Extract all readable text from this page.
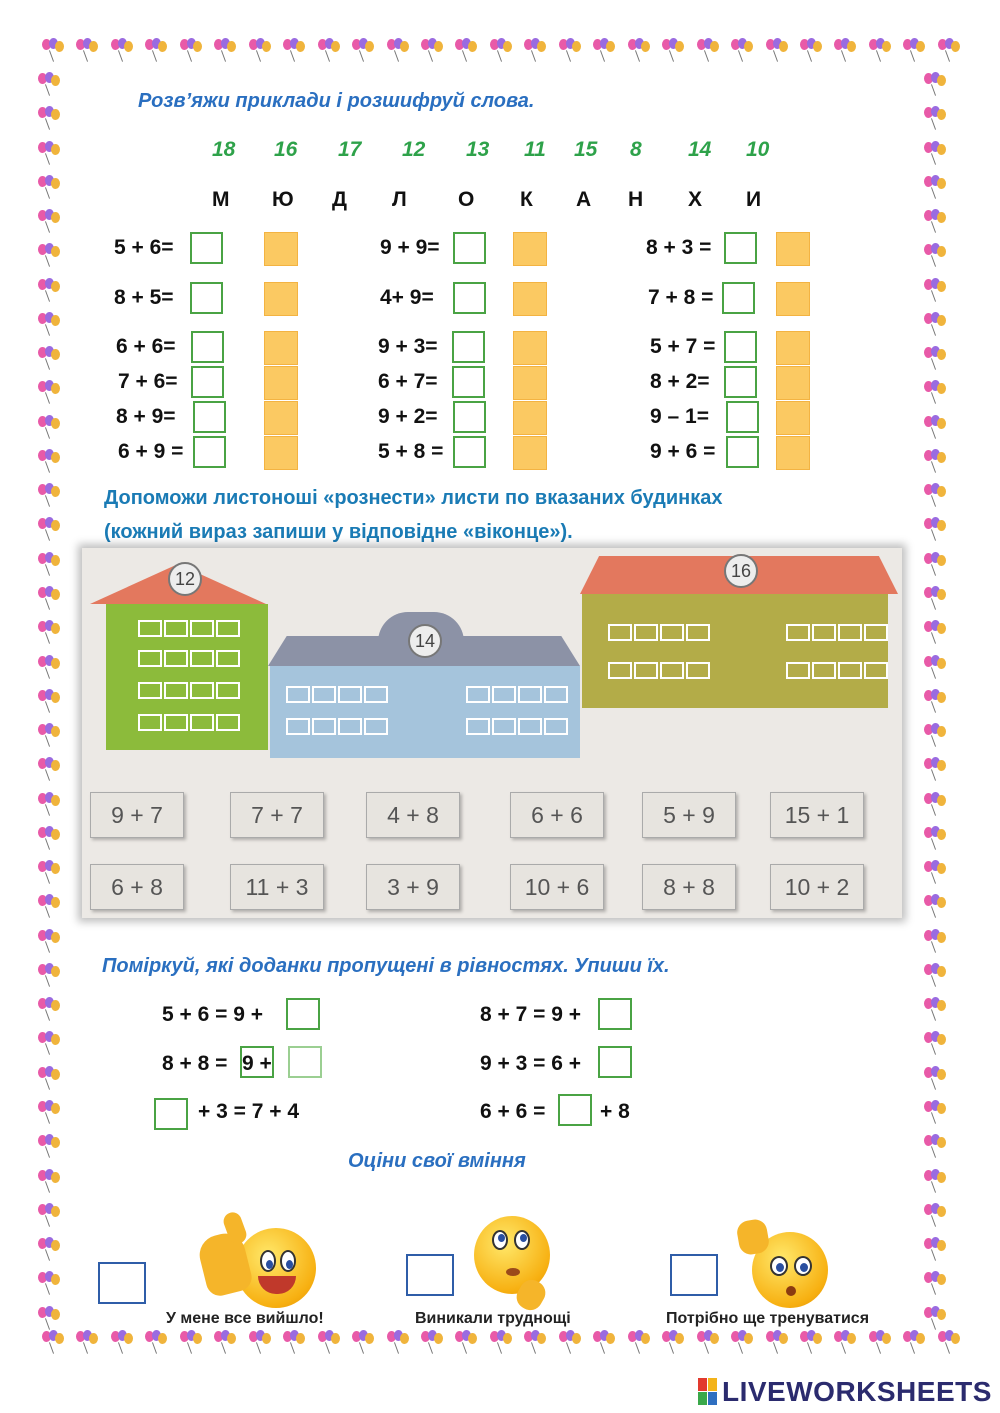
Розв’яжи приклади і розшифруй слова.
18 16 17 12 13 11 15 8 14 10
М Ю Д Л О К А Н Х И
5 + 6=
8 + 5=
6 + 6=
7 + 6=
8 + 9=
6 + 9 =
9 + 9=
4+ 9=
9 + 3=
6 + 7=
9 + 2=
5 + 8 =
8 + 3 =
7 + 8 =
5 + 7 =
8 + 2=
9 – 1=
9 + 6 =
Допоможи листоноші «рознести» листи по вказаних будинках
(кожний вираз запиши у відповідне «віконце»).
12
14
16
9 + 7	7 + 7	4 + 8	6 + 6	5 + 9	15 + 1
6 + 8	11 + 3	3 + 9	10 + 6	8 + 8	10 + 2
Поміркуй, які доданки пропущені в рівностях. Упиши їх.
5 + 6 = 9 +
8 + 8 = 9 +
+ 3 = 7 + 4
8 + 7 = 9 +
9 + 3 = 6 +
6 + 6 =	+ 8
Оціни свої вміння
У мене все вийшло!	Виникали труднощі	Потрібно ще тренуватися
LIVEWORKSHEETS
